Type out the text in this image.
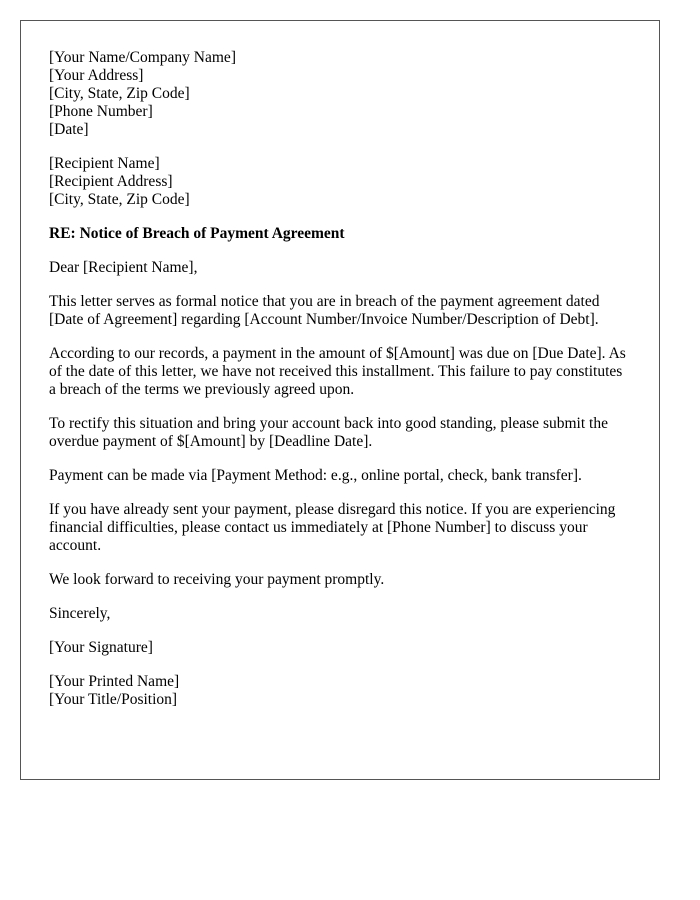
[Your Name/Company Name]
[Your Address]
[City, State, Zip Code]
[Phone Number]
[Date]
[Recipient Name]
[Recipient Address]
[City, State, Zip Code]

RE: Notice of Breach of Payment Agreement

Dear [Recipient Name],

This letter serves as formal notice that you are in breach of the payment agreement dated [Date of Agreement] regarding [Account Number/Invoice Number/Description of Debt].

According to our records, a payment in the amount of $[Amount] was due on [Due Date]. As of the date of this letter, we have not received this installment. This failure to pay constitutes a breach of the terms we previously agreed upon.

To rectify this situation and bring your account back into good standing, please submit the overdue payment of $[Amount] by [Deadline Date].

Payment can be made via [Payment Method: e.g., online portal, check, bank transfer].

If you have already sent your payment, please disregard this notice. If you are experiencing financial difficulties, please contact us immediately at [Phone Number] to discuss your account.

We look forward to receiving your payment promptly.

Sincerely,

[Your Signature]

[Your Printed Name]
[Your Title/Position]
